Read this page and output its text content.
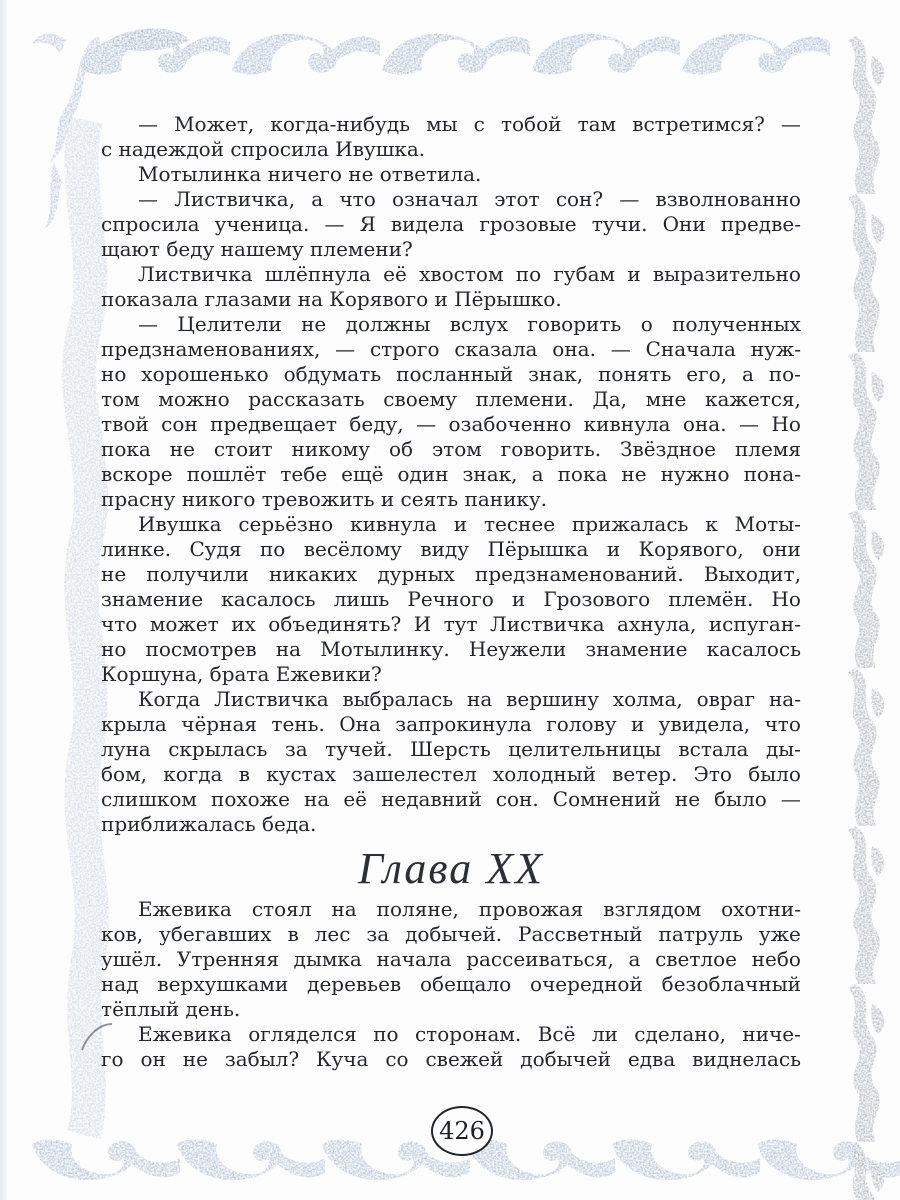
— Может, когда-нибудь мы с тобой там встретимся? —
с надеждой спросила Ивушка.
Мотылинка ничего не ответила.
— Листвичка, а что означал этот сон? — взволнованно
спросила ученица. — Я видела грозовые тучи. Они предве-
щают беду нашему племени?
Листвичка шлёпнула её хвостом по губам и выразительно
показала глазами на Корявого и Пёрышко.
— Целители не должны вслух говорить о полученных
предзнаменованиях, — строго сказала она. — Сначала нуж-
но хорошенько обдумать посланный знак, понять его, а по-
том можно рассказать своему племени. Да, мне кажется,
твой сон предвещает беду, — озабоченно кивнула она. — Но
пока не стоит никому об этом говорить. Звёздное племя
вскоре пошлёт тебе ещё один знак, а пока не нужно пона-
прасну никого тревожить и сеять панику.
Ивушка серьёзно кивнула и теснее прижалась к Моты-
линке. Судя по весёлому виду Пёрышка и Корявого, они
не получили никаких дурных предзнаменований. Выходит,
знамение касалось лишь Речного и Грозового племён. Но
что может их объединять? И тут Листвичка ахнула, испуган-
но посмотрев на Мотылинку. Неужели знамение касалось
Коршуна, брата Ежевики?
Когда Листвичка выбралась на вершину холма, овраг на-
крыла чёрная тень. Она запрокинула голову и увидела, что
луна скрылась за тучей. Шерсть целительницы встала ды-
бом, когда в кустах зашелестел холодный ветер. Это было
слишком похоже на её недавний сон. Сомнений не было —
приближалась беда.
Глава XX
Ежевика стоял на поляне, провожая взглядом охотни-
ков, убегавших в лес за добычей. Рассветный патруль уже
ушёл. Утренняя дымка начала рассеиваться, а светлое небо
над верхушками деревьев обещало очередной безоблачный
тёплый день.
Ежевика огляделся по сторонам. Всё ли сделано, ниче-
го он не забыл? Куча со свежей добычей едва виднелась
426
